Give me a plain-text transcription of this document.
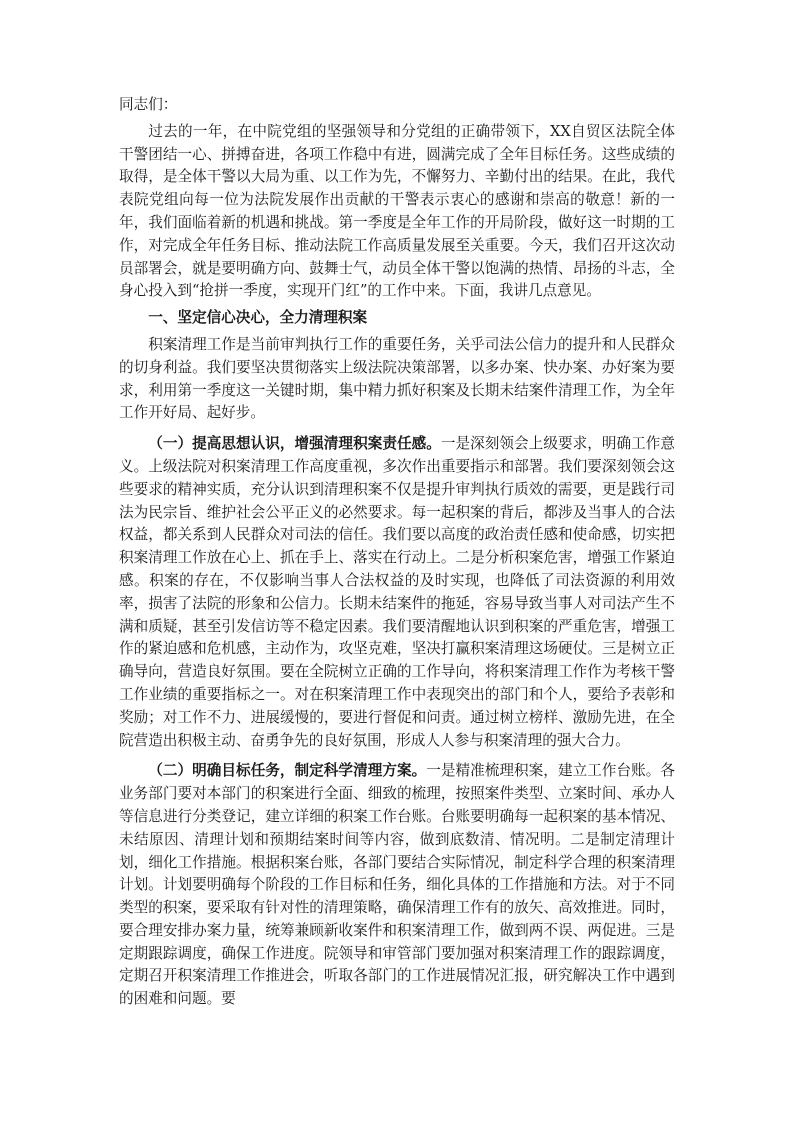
同志们：

过去的一年，在中院党组的坚强领导和分党组的正确带领下，XX自贸区法院全体干警团结一心、拼搏奋进，各项工作稳中有进，圆满完成了全年目标任务。这些成绩的取得，是全体干警以大局为重、以工作为先，不懈努力、辛勤付出的结果。在此，我代表院党组向每一位为法院发展作出贡献的干警表示衷心的感谢和崇高的敬意！新的一年，我们面临着新的机遇和挑战。第一季度是全年工作的开局阶段，做好这一时期的工作，对完成全年任务目标、推动法院工作高质量发展至关重要。今天，我们召开这次动员部署会，就是要明确方向、鼓舞士气，动员全体干警以饱满的热情、昂扬的斗志，全身心投入到“抢拼一季度，实现开门红”的工作中来。下面，我讲几点意见。

一、坚定信心决心，全力清理积案

积案清理工作是当前审判执行工作的重要任务，关乎司法公信力的提升和人民群众的切身利益。我们要坚决贯彻落实上级法院决策部署，以多办案、快办案、办好案为要求，利用第一季度这一关键时期，集中精力抓好积案及长期未结案件清理工作，为全年工作开好局、起好步。

（一）提高思想认识，增强清理积案责任感。一是深刻领会上级要求，明确工作意义。上级法院对积案清理工作高度重视，多次作出重要指示和部署。我们要深刻领会这些要求的精神实质，充分认识到清理积案不仅是提升审判执行质效的需要，更是践行司法为民宗旨、维护社会公平正义的必然要求。每一起积案的背后，都涉及当事人的合法权益，都关系到人民群众对司法的信任。我们要以高度的政治责任感和使命感，切实把积案清理工作放在心上、抓在手上、落实在行动上。二是分析积案危害，增强工作紧迫感。积案的存在，不仅影响当事人合法权益的及时实现，也降低了司法资源的利用效率，损害了法院的形象和公信力。长期未结案件的拖延，容易导致当事人对司法产生不满和质疑，甚至引发信访等不稳定因素。我们要清醒地认识到积案的严重危害，增强工作的紧迫感和危机感，主动作为，攻坚克难，坚决打赢积案清理这场硬仗。三是树立正确导向，营造良好氛围。要在全院树立正确的工作导向，将积案清理工作作为考核干警工作业绩的重要指标之一。对在积案清理工作中表现突出的部门和个人，要给予表彰和奖励；对工作不力、进展缓慢的，要进行督促和问责。通过树立榜样、激励先进，在全院营造出积极主动、奋勇争先的良好氛围，形成人人参与积案清理的强大合力。

（二）明确目标任务，制定科学清理方案。一是精准梳理积案，建立工作台账。各业务部门要对本部门的积案进行全面、细致的梳理，按照案件类型、立案时间、承办人等信息进行分类登记，建立详细的积案工作台账。台账要明确每一起积案的基本情况、未结原因、清理计划和预期结案时间等内容，做到底数清、情况明。二是制定清理计划，细化工作措施。根据积案台账，各部门要结合实际情况，制定科学合理的积案清理计划。计划要明确每个阶段的工作目标和任务，细化具体的工作措施和方法。对于不同类型的积案，要采取有针对性的清理策略，确保清理工作有的放矢、高效推进。同时，要合理安排办案力量，统筹兼顾新收案件和积案清理工作，做到两不误、两促进。三是定期跟踪调度，确保工作进度。院领导和审管部门要加强对积案清理工作的跟踪调度，定期召开积案清理工作推进会，听取各部门的工作进展情况汇报，研究解决工作中遇到的困难和问题。要
